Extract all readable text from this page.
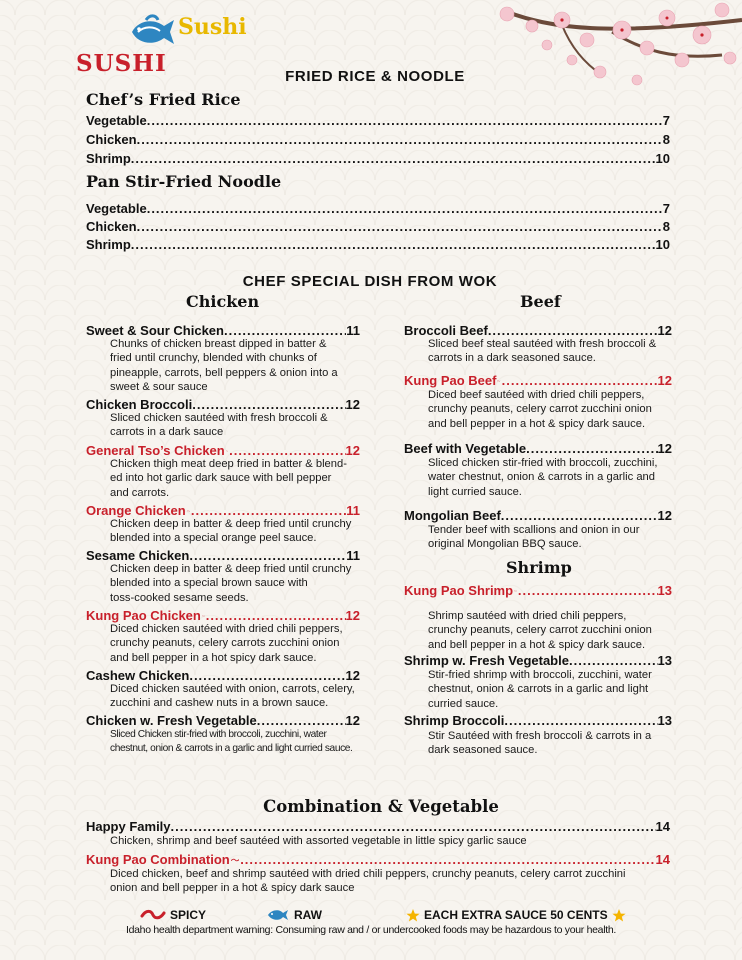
Sushi
SUSHI	FRIED RICE & NOODLE
Chef’s Fried Rice
Vegetable .....	7
Chicken .....	8
Shrimp .....	10
Pan Stir-Fried Noodle
Vegetable .....	7
Chicken .....	8
Shrimp .....	10
CHEF SPECIAL DISH FROM WOK
Chicken	Beef
Sweet & Sour Chicken .....	11
Chunks of chicken breast dipped in batter &
fried until crunchy, blended with chunks of
pineapple, carrots, bell peppers & onion into a
sweet & sour sauce
Chicken Broccoli .....	12
Sliced chicken sautéed with fresh broccoli &
carrots in a dark sauce
General Tso’s Chicken .....	12
Chicken thigh meat deep fried in batter & blend-
ed into hot garlic dark sauce with bell pepper
and carrots.
Orange Chicken .....	11
Chicken deep in batter & deep fried until crunchy
blended into a special orange peel sauce.
Sesame Chicken .....	11
Chicken deep in batter & deep fried until crunchy
blended into a special brown sauce with
toss-cooked sesame seeds.
Kung Pao Chicken .....	12
Diced chicken sautéed with dried chili peppers,
crunchy peanuts, celery carrots zucchini onion
and bell pepper in a hot spicy dark sauce.
Cashew Chicken .....	12
Diced chicken sautéed with onion, carrots, celery,
zucchini and cashew nuts in a brown sauce.
Chicken w. Fresh Vegetable .....	12
Sliced Chicken stir-fried with broccoli, zucchini, water
chestnut, onion & carrots in a garlic and light curried sauce.
Broccoli Beef .....	12
Sliced beef steal sautéed with fresh broccoli &
carrots in a dark seasoned sauce.
Kung Pao Beef .....	12
Diced beef sautéed with dried chili peppers,
crunchy peanuts, celery carrot zucchini onion
and bell pepper in a hot & spicy dark sauce.
Beef with Vegetable .....	12
Sliced chicken stir-fried with broccoli, zucchini,
water chestnut, onion & carrots in a garlic and
light curried sauce.
Mongolian Beef .....	12
Tender beef with scallions and onion in our
original Mongolian BBQ sauce.
Shrimp
Kung Pao Shrimp .....	13
Shrimp sautéed with dried chili peppers,
crunchy peanuts, celery carrot zucchini onion
and bell pepper in a hot & spicy dark sauce.
Shrimp w. Fresh Vegetable .....	13
Stir-fried shrimp with broccoli, zucchini, water
chestnut, onion & carrots in a garlic and light
curried sauce.
Shrimp Broccoli .....	13
Stir Sautéed with fresh broccoli & carrots in a
dark seasoned sauce.
Combination & Vegetable
Happy Family .....	14
Chicken, shrimp and beef sautéed with assorted vegetable in little spicy garlic sauce
Kung Pao Combination .....	14
Diced chicken, beef and shrimp sautéed with dried chili peppers, crunchy peanuts, celery carrot zucchini
onion and bell pepper in a hot & spicy dark sauce
SPICY	RAW	EACH EXTRA SAUCE 50 CENTS
Idaho health department warning: Consuming raw and / or undercooked foods may be hazardous to your health.
